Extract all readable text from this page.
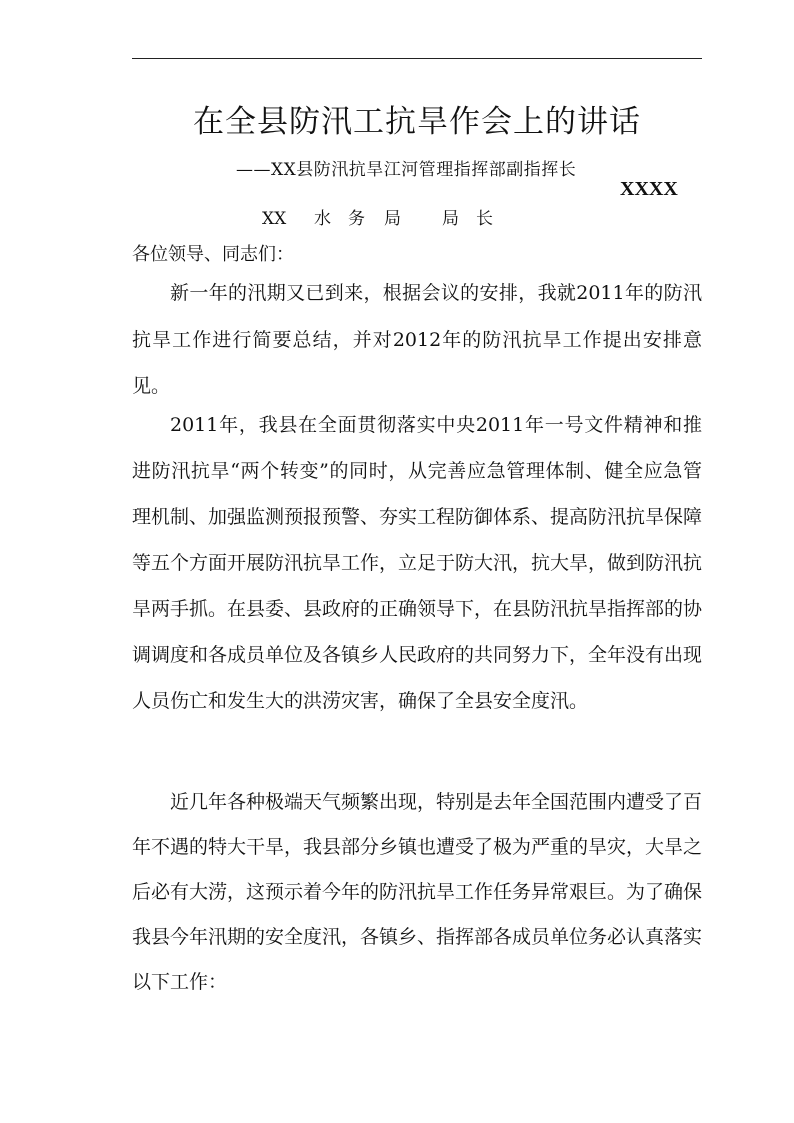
在全县防汛工抗旱作会上的讲话
——XX县防汛抗旱江河管理指挥部副指挥长
XXXX
XX 水 务 局 局 长
各位领导、同志们：

新一年的汛期又已到来，根据会议的安排，我就2011年的防汛抗旱工作进行简要总结，并对2012年的防汛抗旱工作提出安排意见。

2011年，我县在全面贯彻落实中央2011年一号文件精神和推进防汛抗旱“两个转变”的同时，从完善应急管理体制、健全应急管理机制、加强监测预报预警、夯实工程防御体系、提高防汛抗旱保障等五个方面开展防汛抗旱工作，立足于防大汛，抗大旱，做到防汛抗旱两手抓。在县委、县政府的正确领导下，在县防汛抗旱指挥部的协调调度和各成员单位及各镇乡人民政府的共同努力下，全年没有出现人员伤亡和发生大的洪涝灾害，确保了全县安全度汛。

近几年各种极端天气频繁出现，特别是去年全国范围内遭受了百年不遇的特大干旱，我县部分乡镇也遭受了极为严重的旱灾，大旱之后必有大涝，这预示着今年的防汛抗旱工作任务异常艰巨。为了确保我县今年汛期的安全度汛，各镇乡、指挥部各成员单位务必认真落实以下工作：
